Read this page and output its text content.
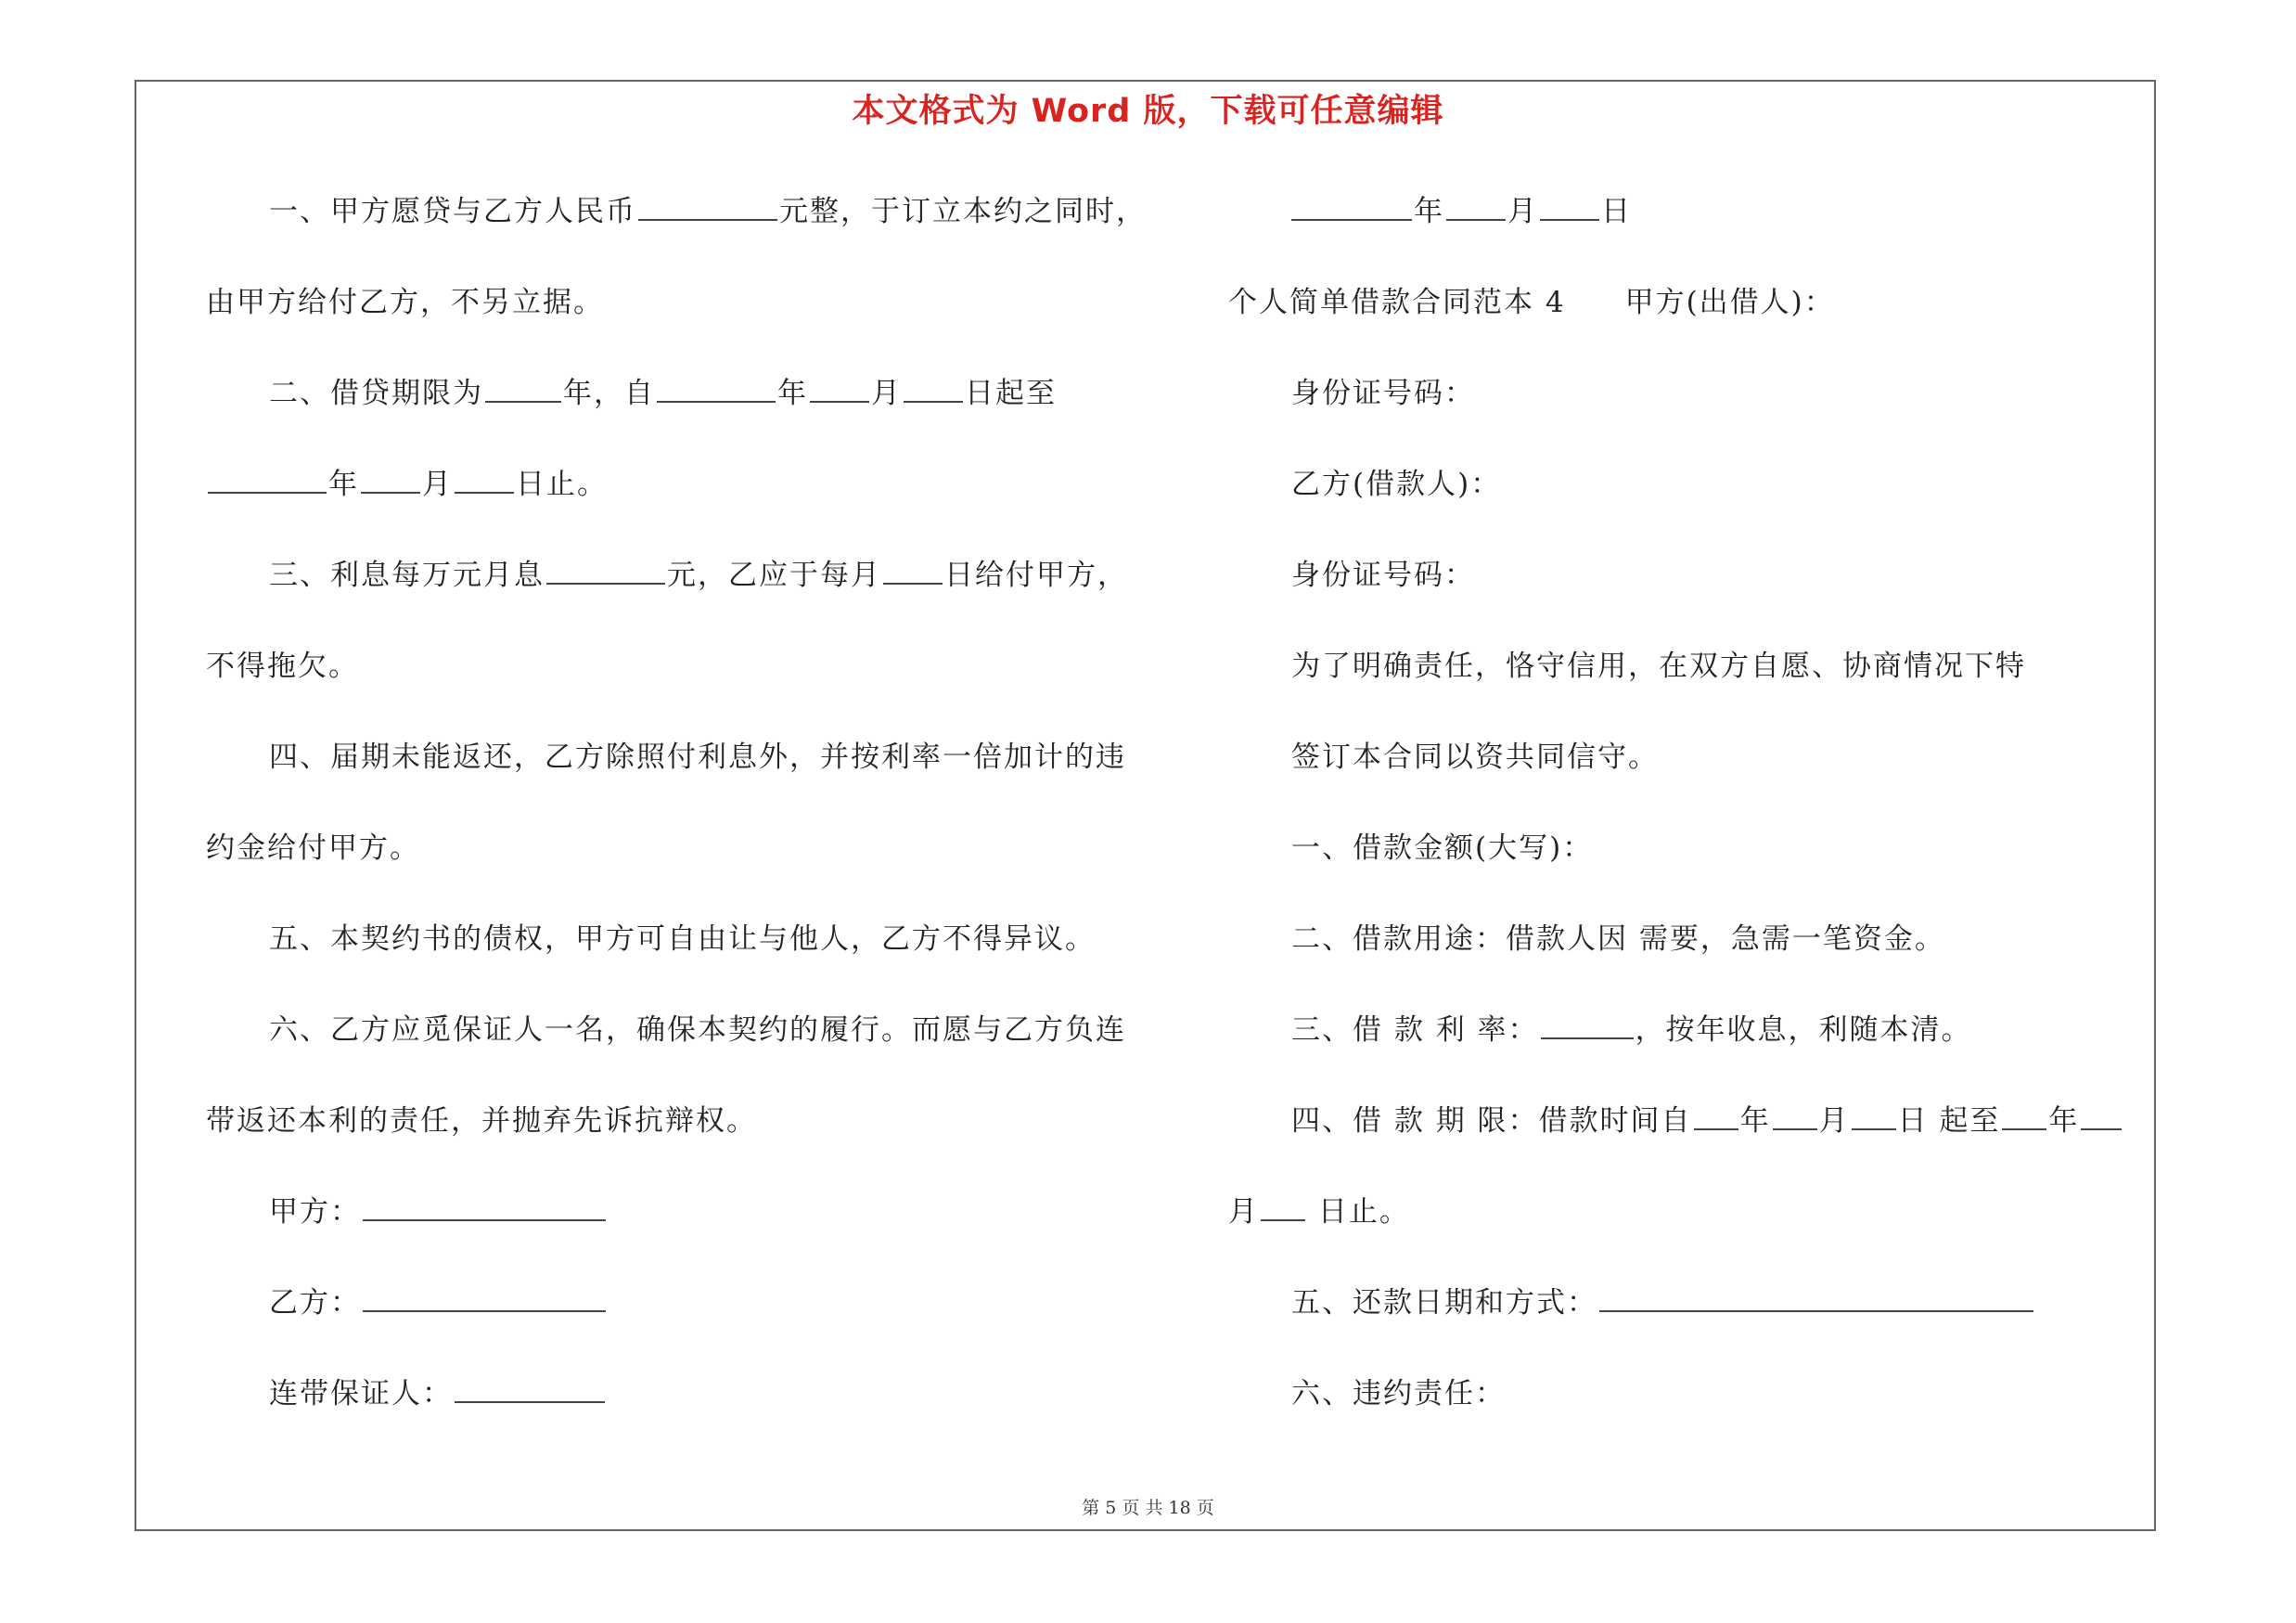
本文格式为 Word 版，下载可任意编辑
一、甲方愿贷与乙方人民币	元整，于订立本约之同时，
由甲方给付乙方，不另立据。
二、借贷期限为	年，自	年 月 日起至
年 月 日止。
三、利息每万元月息	元，乙应于每月 日给付甲方，
不得拖欠。
四、届期未能返还，乙方除照付利息外，并按利率一倍加计的违
约金给付甲方。
五、本契约书的债权，甲方可自由让与他人，乙方不得异议。
六、乙方应觅保证人一名，确保本契约的履行。而愿与乙方负连
带返还本利的责任，并抛弃先诉抗辩权。
甲方：
乙方：
连带保证人：
年 月 日
个人简单借款合同范本 4 甲方(出借人)：
身份证号码：
乙方(借款人)：
身份证号码：
为了明确责任，恪守信用，在双方自愿、协商情况下特
签订本合同以资共同信守。
一、借款金额(大写)：
二、借款用途：借款人因 需要，急需一笔资金。
三、借 款 利 率：	，按年收息，利随本清。
四、借 款 期 限：借款时间自 年 月 日 起至 年
月 日止。
五、还款日期和方式：
六、违约责任：
第 5 页 共 18 页
